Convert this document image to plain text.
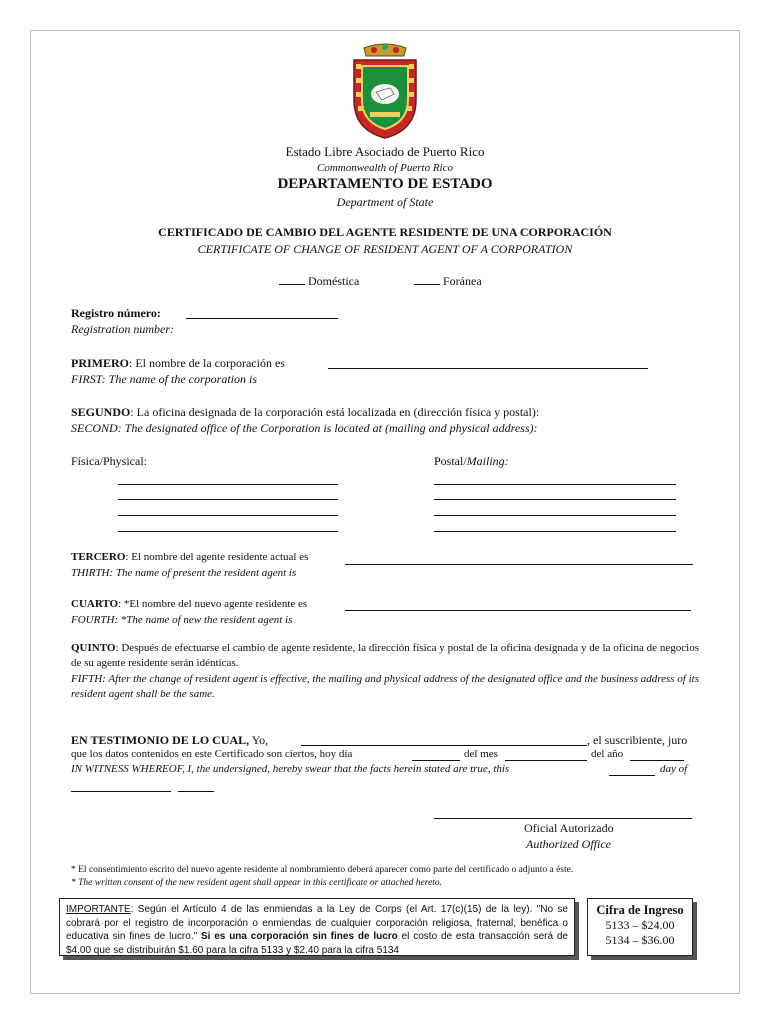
Estado Libre Asociado de Puerto Rico
Commonwealth of Puerto Rico
DEPARTAMENTO DE ESTADO
Department of State
CERTIFICADO DE CAMBIO DEL AGENTE RESIDENTE DE UNA CORPORACIÓN
CERTIFICATE OF CHANGE OF RESIDENT AGENT OF A CORPORATION
Doméstica	Foránea
Registro número:
Registration number:
PRIMERO: El nombre de la corporación es
FIRST: The name of the corporation is
SEGUNDO: La oficina designada de la corporación está localizada en (dirección física y postal):
SECOND: The designated office of the Corporation is located at (mailing and physical address):
Física/Physical:	Postal/Mailing:
TERCERO: El nombre del agente residente actual es
THIRTH: The name of present the resident agent is
CUARTO: *El nombre del nuevo agente residente es
FOURTH: *The name of new the resident agent is
QUINTO: Después de efectuarse el cambio de agente residente, la dirección física y postal de la oficina designada y de la oficina de negocios de su agente residente serán idénticas.
FIFTH: After the change of resident agent is effective, the mailing and physical address of the designated office and the business address of its resident agent shall be the same.
EN TESTIMONIO DE LO CUAL, Yo,	, el suscribiente, juro
que los datos contenidos en este Certificado son ciertos, hoy día	del mes	del año
IN WITNESS WHEREOF, I, the undersigned, hereby swear that the facts herein stated are true, this	day of
Oficial Autorizado
Authorized Office
* El consentimiento escrito del nuevo agente residente al nombramiento deberá aparecer como parte del certificado o adjunto a éste.
* The written consent of the new resident agent shall appear in this certificate or attached hereto.
IMPORTANTE: Según el Artículo 4 de las enmiendas a la Ley de Corps (el Art. 17(c)(15) de la ley). "No se cobrará por el registro de incorporación o enmiendas de cualquier corporación religiosa, fraternal, benéfica o educativa sin fines de lucro." Si es una corporación sin fines de lucro el costo de esta transacción será de $4.00 que se distribuirán $1.60 para la cifra 5133 y $2.40 para la cifra 5134
Cifra de Ingreso
5133 – $24.00
5134 – $36.00
